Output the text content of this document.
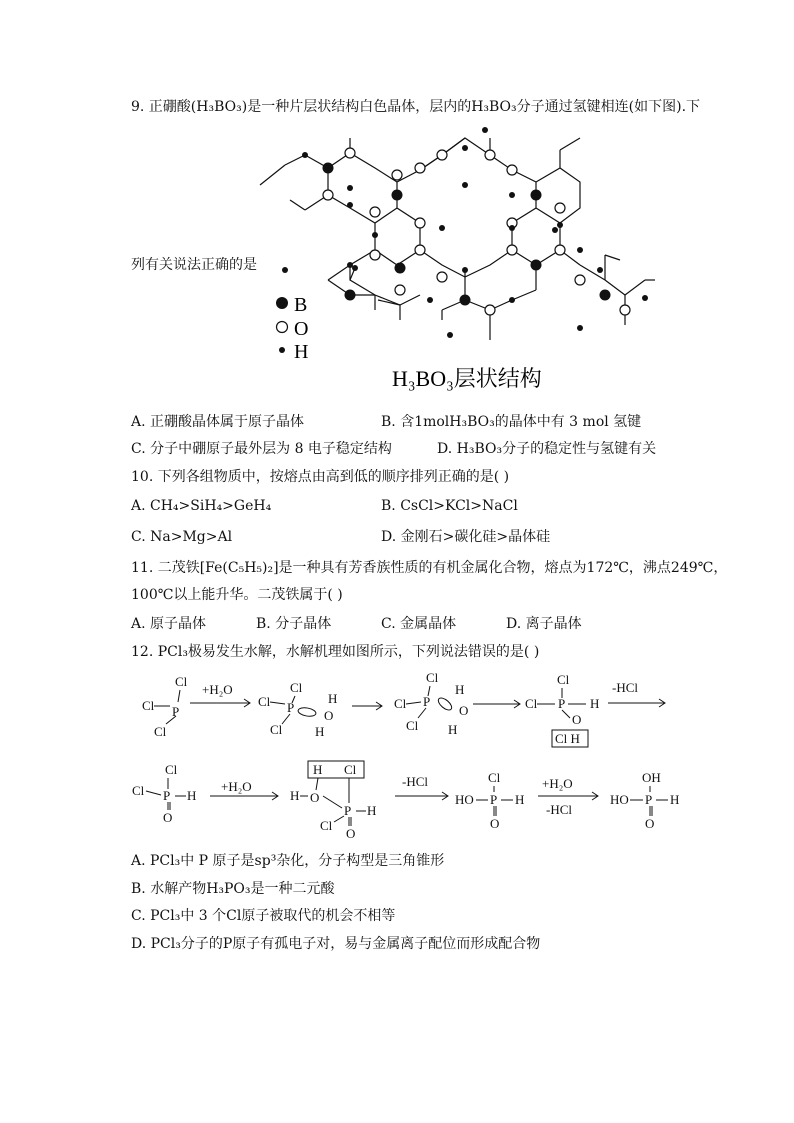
9. 正硼酸(H₃BO₃)是一种片层状结构白色晶体，层内的H₃BO₃分子通过氢键相连(如下图).下
列有关说法正确的是
B
O
H
H₃BO₃层状结构
A. 正硼酸晶体属于原子晶体	B. 含1molH₃BO₃的晶体中有 3 mol 氢键
C. 分子中硼原子最外层为 8 电子稳定结构	D. H₃BO₃分子的稳定性与氢键有关
10. 下列各组物质中，按熔点由高到低的顺序排列正确的是( )
A. CH₄>SiH₄>GeH₄	B. CsCl>KCl>NaCl
C. Na>Mg>Al	D. 金刚石>碳化硅>晶体硅
11. 二茂铁[Fe(C₅H₅)₂]是一种具有芳香族性质的有机金属化合物，熔点为172℃，沸点249℃，
100℃以上能升华。二茂铁属于( )
A. 原子晶体	B. 分子晶体	C. 金属晶体	D. 离子晶体
12. PCl₃极易发生水解，水解机理如图所示，下列说法错误的是( )
Cl
Cl P
Cl
+H₂O	Cl
Cl P
Cl
H
O
H
Cl
Cl P
Cl
H
O
H
Cl
Cl P H
O
Cl H
-HCl
Cl
Cl P H
O
+H₂O
H O
H Cl
P H
Cl
O
-HCl
HO
Cl
P H
O
+H₂O
-HCl
HO
OH
P H
O
A. PCl₃中 P 原子是sp³杂化，分子构型是三角锥形
B. 水解产物H₃PO₃是一种二元酸
C. PCl₃中 3 个Cl原子被取代的机会不相等
D. PCl₃分子的P原子有孤电子对，易与金属离子配位而形成配合物
